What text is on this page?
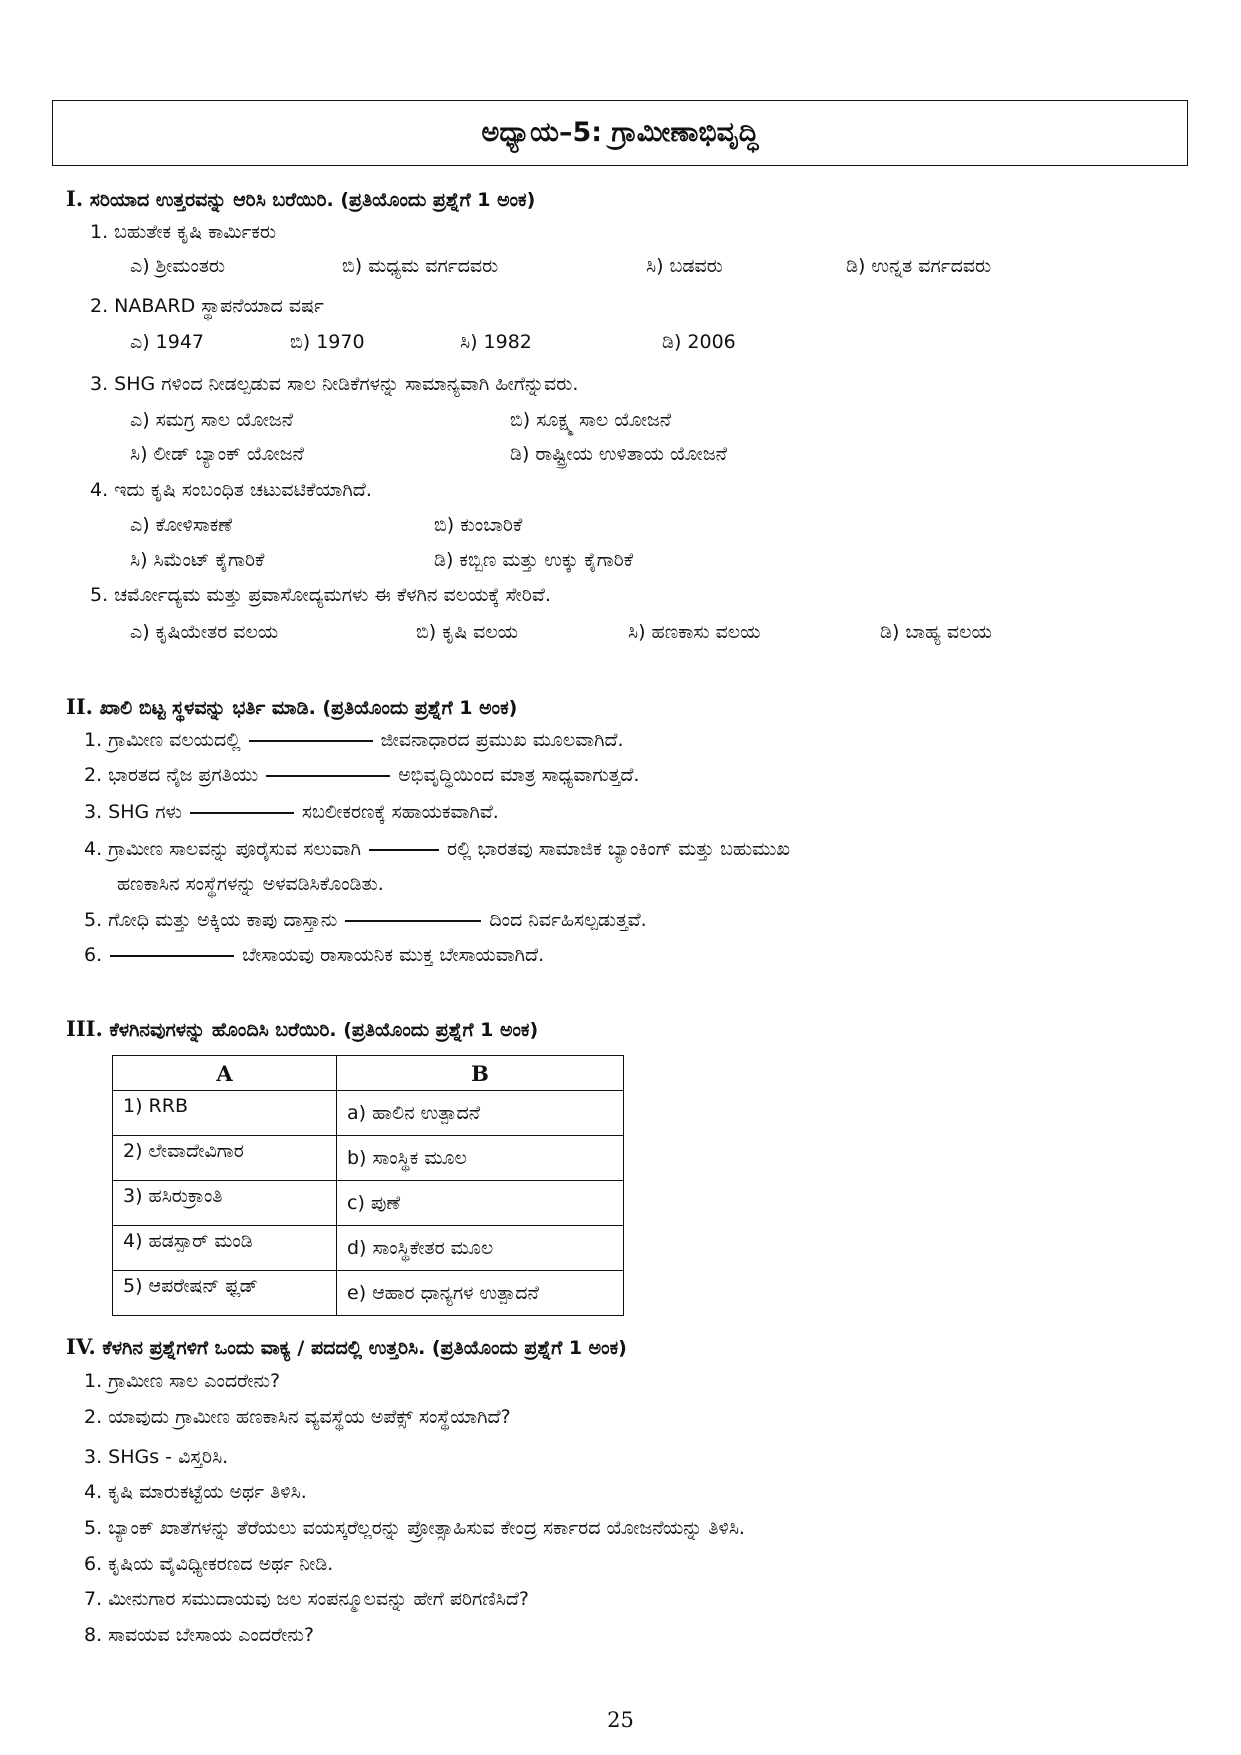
ಅಧ್ಯಾಯ–5: ಗ್ರಾಮೀಣಾಭಿವೃದ್ಧಿ
I. ಸರಿಯಾದ ಉತ್ತರವನ್ನು ಆರಿಸಿ ಬರೆಯಿರಿ. (ಪ್ರತಿಯೊಂದು ಪ್ರಶ್ನೆಗೆ 1 ಅಂಕ)
1. ಬಹುತೇಕ ಕೃಷಿ ಕಾರ್ಮಿಕರು
ಎ) ಶ್ರೀಮಂತರು	ಬಿ) ಮಧ್ಯಮ ವರ್ಗದವರು	ಸಿ) ಬಡವರು	ಡಿ) ಉನ್ನತ ವರ್ಗದವರು
2. NABARD ಸ್ಥಾಪನೆಯಾದ ವರ್ಷ
ಎ) 1947	ಬಿ) 1970	ಸಿ) 1982	ಡಿ) 2006
3. SHG ಗಳಿಂದ ನೀಡಲ್ಪಡುವ ಸಾಲ ನೀಡಿಕೆಗಳನ್ನು ಸಾಮಾನ್ಯವಾಗಿ ಹೀಗೆನ್ನುವರು.
ಎ) ಸಮಗ್ರ ಸಾಲ ಯೋಜನೆ	ಬಿ) ಸೂಕ್ಷ್ಮ ಸಾಲ ಯೋಜನೆ
ಸಿ) ಲೀಡ್ ಬ್ಯಾಂಕ್ ಯೋಜನೆ	ಡಿ) ರಾಷ್ಟ್ರೀಯ ಉಳಿತಾಯ ಯೋಜನೆ
4. ಇದು ಕೃಷಿ ಸಂಬಂಧಿತ ಚಟುವಟಿಕೆಯಾಗಿದೆ.
ಎ) ಕೋಳಿಸಾಕಣೆ	ಬಿ) ಕುಂಬಾರಿಕೆ
ಸಿ) ಸಿಮೆಂಟ್ ಕೈಗಾರಿಕೆ	ಡಿ) ಕಬ್ಬಿಣ ಮತ್ತು ಉಕ್ಕು ಕೈಗಾರಿಕೆ
5. ಚರ್ಮೋದ್ಯಮ ಮತ್ತು ಪ್ರವಾಸೋದ್ಯಮಗಳು ಈ ಕೆಳಗಿನ ವಲಯಕ್ಕೆ ಸೇರಿವೆ.
ಎ) ಕೃಷಿಯೇತರ ವಲಯ	ಬಿ) ಕೃಷಿ ವಲಯ	ಸಿ) ಹಣಕಾಸು ವಲಯ	ಡಿ) ಬಾಹ್ಯ ವಲಯ
II. ಖಾಲಿ ಬಿಟ್ಟ ಸ್ಥಳವನ್ನು ಭರ್ತಿ ಮಾಡಿ. (ಪ್ರತಿಯೊಂದು ಪ್ರಶ್ನೆಗೆ 1 ಅಂಕ)
1. ಗ್ರಾಮೀಣ ವಲಯದಲ್ಲಿ	ಜೀವನಾಧಾರದ ಪ್ರಮುಖ ಮೂಲವಾಗಿದೆ.
2. ಭಾರತದ ನೈಜ ಪ್ರಗತಿಯು	ಅಭಿವೃದ್ಧಿಯಿಂದ ಮಾತ್ರ ಸಾಧ್ಯವಾಗುತ್ತದೆ.
3. SHG ಗಳು	ಸಬಲೀಕರಣಕ್ಕೆ ಸಹಾಯಕವಾಗಿವೆ.
4. ಗ್ರಾಮೀಣ ಸಾಲವನ್ನು ಪೂರೈಸುವ ಸಲುವಾಗಿ	ರಲ್ಲಿ ಭಾರತವು ಸಾಮಾಜಿಕ ಬ್ಯಾಂಕಿಂಗ್ ಮತ್ತು ಬಹುಮುಖ
ಹಣಕಾಸಿನ ಸಂಸ್ಥೆಗಳನ್ನು ಅಳವಡಿಸಿಕೊಂಡಿತು.
5. ಗೋಧಿ ಮತ್ತು ಅಕ್ಕಿಯ ಕಾಪು ದಾಸ್ತಾನು	ದಿಂದ ನಿರ್ವಹಿಸಲ್ಪಡುತ್ತವೆ.
6.	ಬೇಸಾಯವು ರಾಸಾಯನಿಕ ಮುಕ್ತ ಬೇಸಾಯವಾಗಿದೆ.
III. ಕೆಳಗಿನವುಗಳನ್ನು ಹೊಂದಿಸಿ ಬರೆಯಿರಿ. (ಪ್ರತಿಯೊಂದು ಪ್ರಶ್ನೆಗೆ 1 ಅಂಕ)
A	B
1) RRB	a) ಹಾಲಿನ ಉತ್ಪಾದನೆ
2) ಲೇವಾದೇವಿಗಾರ	b) ಸಾಂಸ್ಥಿಕ ಮೂಲ
3) ಹಸಿರುಕ್ರಾಂತಿ	c) ಪುಣೆ
4) ಹಡಸ್ಪಾರ್ ಮಂಡಿ	d) ಸಾಂಸ್ಥಿಕೇತರ ಮೂಲ
5) ಆಪರೇಷನ್ ಫ್ಲಡ್	e) ಆಹಾರ ಧಾನ್ಯಗಳ ಉತ್ಪಾದನೆ
IV. ಕೆಳಗಿನ ಪ್ರಶ್ನೆಗಳಿಗೆ ಒಂದು ವಾಕ್ಯ / ಪದದಲ್ಲಿ ಉತ್ತರಿಸಿ. (ಪ್ರತಿಯೊಂದು ಪ್ರಶ್ನೆಗೆ 1 ಅಂಕ)
1. ಗ್ರಾಮೀಣ ಸಾಲ ಎಂದರೇನು?
2. ಯಾವುದು ಗ್ರಾಮೀಣ ಹಣಕಾಸಿನ ವ್ಯವಸ್ಥೆಯ ಅಪೆಕ್ಸ್ ಸಂಸ್ಥೆಯಾಗಿದೆ?
3. SHGs - ವಿಸ್ತರಿಸಿ.
4. ಕೃಷಿ ಮಾರುಕಟ್ಟೆಯ ಅರ್ಥ ತಿಳಿಸಿ.
5. ಬ್ಯಾಂಕ್ ಖಾತೆಗಳನ್ನು ತೆರೆಯಲು ವಯಸ್ಕರೆಲ್ಲರನ್ನು ಪ್ರೋತ್ಸಾಹಿಸುವ ಕೇಂದ್ರ ಸರ್ಕಾರದ ಯೋಜನೆಯನ್ನು ತಿಳಿಸಿ.
6. ಕೃಷಿಯ ವೈವಿಧ್ಯೀಕರಣದ ಅರ್ಥ ನೀಡಿ.
7. ಮೀನುಗಾರ ಸಮುದಾಯವು ಜಲ ಸಂಪನ್ಮೂಲವನ್ನು ಹೇಗೆ ಪರಿಗಣಿಸಿದೆ?
8. ಸಾವಯವ ಬೇಸಾಯ ಎಂದರೇನು?
25
